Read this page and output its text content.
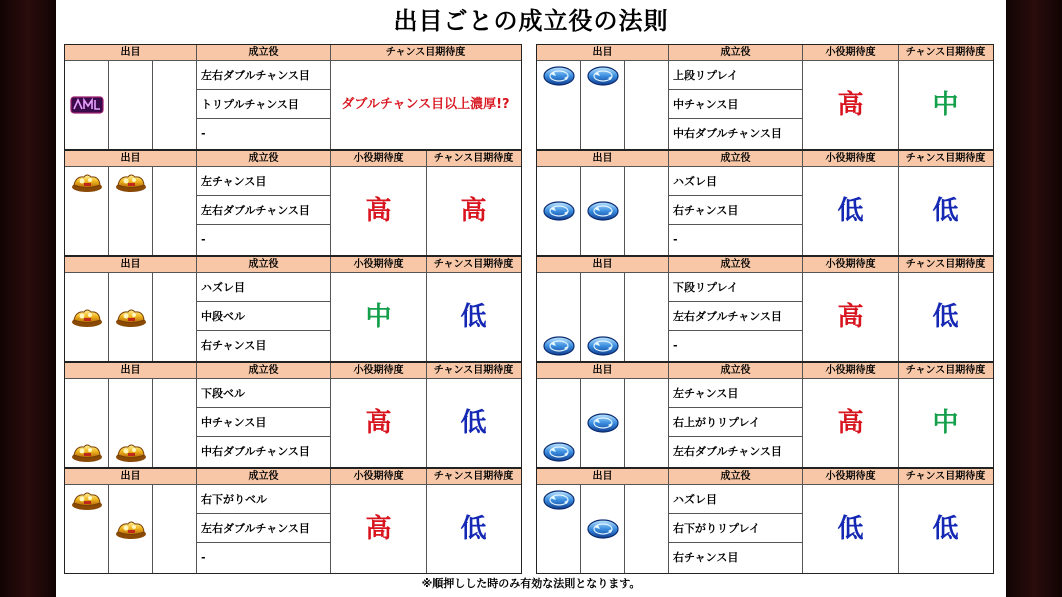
出目ごとの成立役の法則
出目	成立役	チャンス目期待度
左右ダブルチャンス目
トリプルチャンス目
-
ダブルチャンス目以上濃厚!?
出目	成立役	小役期待度	チャンス目期待度
上段リプレイ
中チャンス目
中右ダブルチャンス目
高	中
出目	成立役	小役期待度	チャンス目期待度
左チャンス目
左右ダブルチャンス目
-
高	高
出目	成立役	小役期待度	チャンス目期待度
ハズレ目
右チャンス目
-
低	低
出目	成立役	小役期待度	チャンス目期待度
ハズレ目
中段ベル
右チャンス目
中	低
出目	成立役	小役期待度	チャンス目期待度
下段リプレイ
左右ダブルチャンス目
-
高	低
出目	成立役	小役期待度	チャンス目期待度
下段ベル
中チャンス目
中右ダブルチャンス目
高	低
出目	成立役	小役期待度	チャンス目期待度
左チャンス目
右上がりリプレイ
左右ダブルチャンス目
高	中
出目	成立役	小役期待度	チャンス目期待度
右下がりベル
左右ダブルチャンス目
-
高	低
出目	成立役	小役期待度	チャンス目期待度
ハズレ目
右下がりリプレイ
右チャンス目
低	低
※順押しした時のみ有効な法則となります。
